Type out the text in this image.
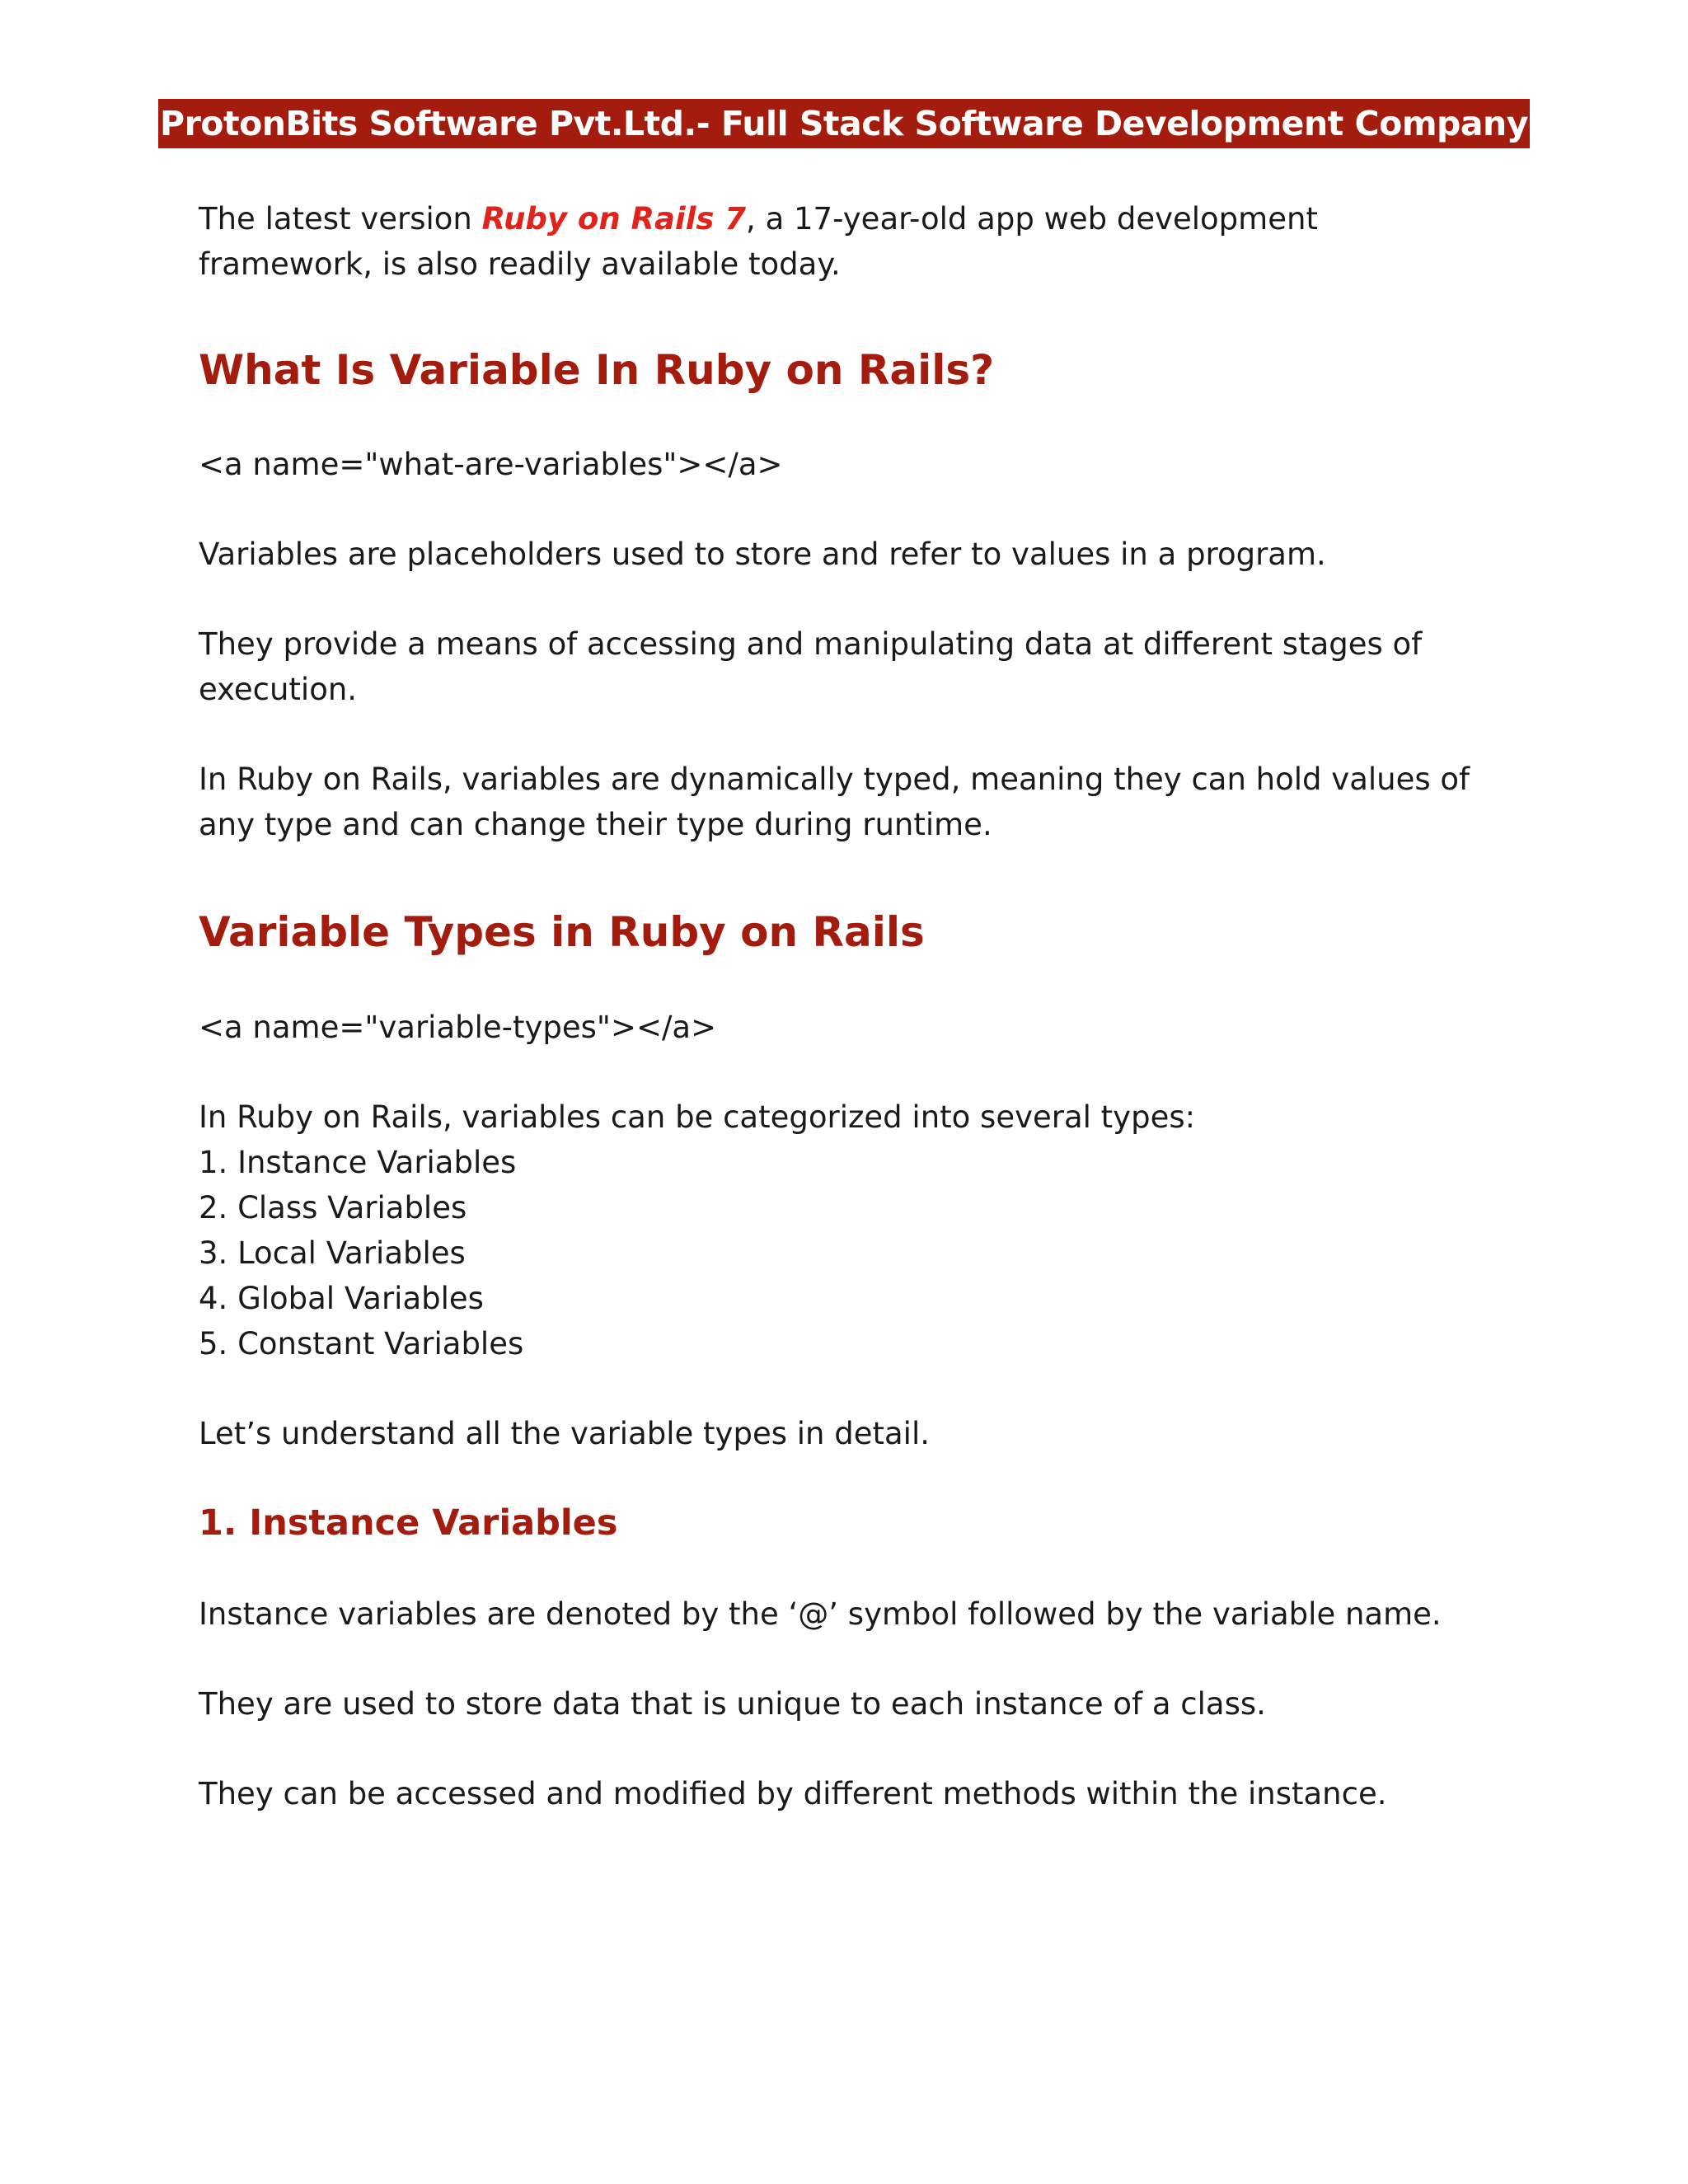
ProtonBits Software Pvt.Ltd.- Full Stack Software Development Company

The latest version Ruby on Rails 7, a 17-year-old app web development framework, is also readily available today.

What Is Variable In Ruby on Rails?

<a name="what-are-variables"></a>

Variables are placeholders used to store and refer to values in a program.

They provide a means of accessing and manipulating data at different stages of execution.

In Ruby on Rails, variables are dynamically typed, meaning they can hold values of any type and can change their type during runtime.

Variable Types in Ruby on Rails

<a name="variable-types"></a>

In Ruby on Rails, variables can be categorized into several types:

1. Instance Variables
2. Class Variables
3. Local Variables
4. Global Variables
5. Constant Variables

Let’s understand all the variable types in detail.

1. Instance Variables

Instance variables are denoted by the ‘@’ symbol followed by the variable name.

They are used to store data that is unique to each instance of a class.

They can be accessed and modified by different methods within the instance.
